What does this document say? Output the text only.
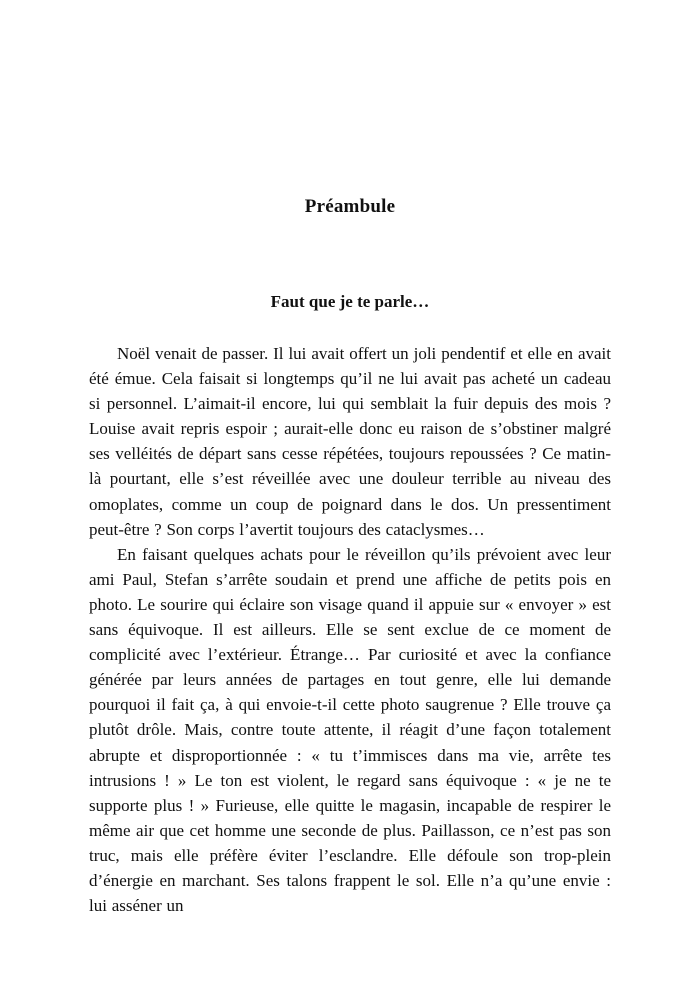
Préambule
Faut que je te parle…

Noël venait de passer. Il lui avait offert un joli pendentif et elle en avait été émue. Cela faisait si longtemps qu’il ne lui avait pas acheté un cadeau si personnel. L’aimait-il encore, lui qui semblait la fuir depuis des mois ? Louise avait repris espoir ; aurait-elle donc eu raison de s’obstiner malgré ses velléités de départ sans cesse répétées, toujours repoussées ? Ce matin-là pourtant, elle s’est réveillée avec une douleur terrible au niveau des omoplates, comme un coup de poignard dans le dos. Un pressentiment peut-être ? Son corps l’avertit toujours des cataclysmes…

En faisant quelques achats pour le réveillon qu’ils prévoient avec leur ami Paul, Stefan s’arrête soudain et prend une affiche de petits pois en photo. Le sourire qui éclaire son visage quand il appuie sur « envoyer » est sans équivoque. Il est ailleurs. Elle se sent exclue de ce moment de complicité avec l’extérieur. Étrange… Par curiosité et avec la confiance générée par leurs années de partages en tout genre, elle lui demande pourquoi il fait ça, à qui envoie-t-il cette photo saugrenue ? Elle trouve ça plutôt drôle. Mais, contre toute attente, il réagit d’une façon totalement abrupte et disproportionnée : « tu t’immisces dans ma vie, arrête tes intrusions ! » Le ton est violent, le regard sans équivoque : « je ne te supporte plus ! » Furieuse, elle quitte le magasin, incapable de respirer le même air que cet homme une seconde de plus. Paillasson, ce n’est pas son truc, mais elle préfère éviter l’esclandre. Elle défoule son trop-plein d’énergie en marchant. Ses talons frappent le sol. Elle n’a qu’une envie : lui asséner un
